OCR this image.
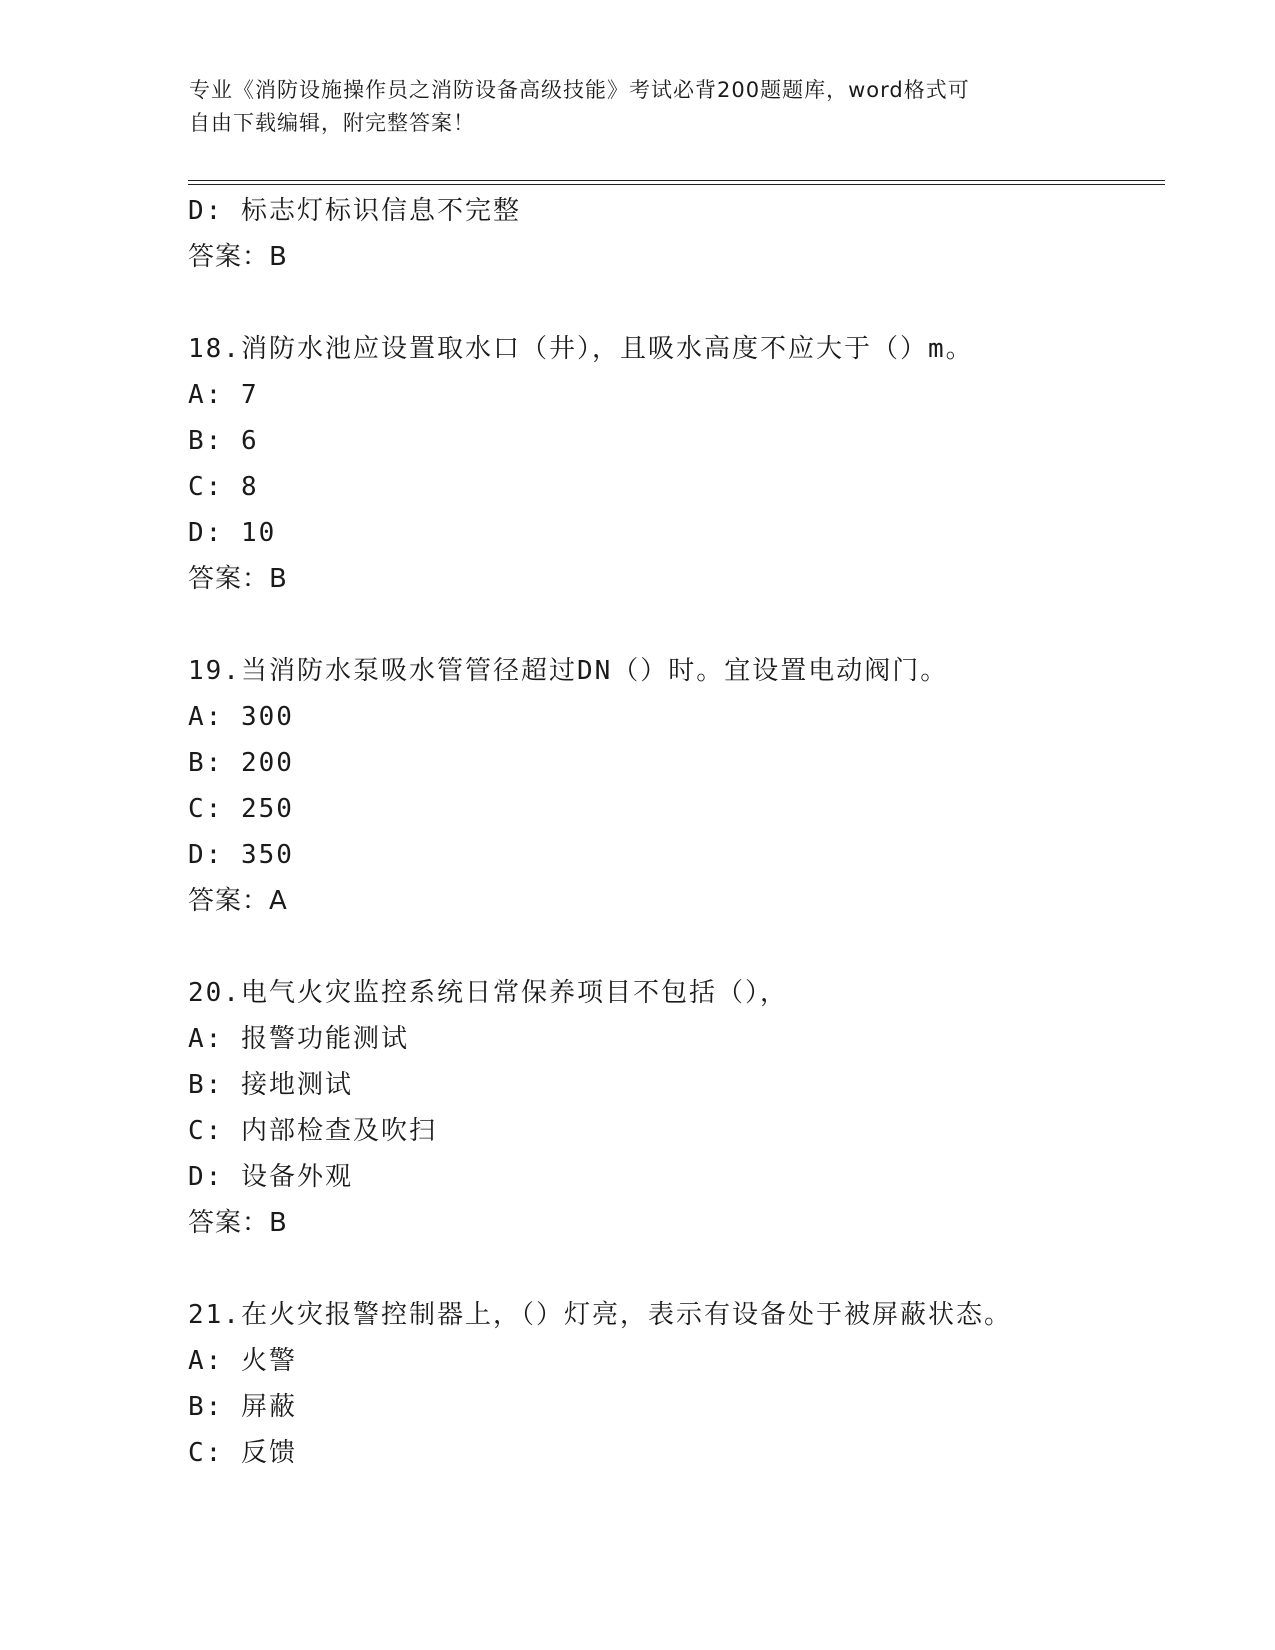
专业《消防设施操作员之消防设备高级技能》考试必背200题题库，word格式可
自由下载编辑，附完整答案！
D: 标志灯标识信息不完整
答案：B
18.消防水池应设置取水口（井），且吸水高度不应大于（）m。
A: 7
B: 6
C: 8
D: 10
答案：B
19.当消防水泵吸水管管径超过DN（）时。宜设置电动阀门。
A: 300
B: 200
C: 250
D: 350
答案：A
20.电气火灾监控系统日常保养项目不包括（），
A: 报警功能测试
B: 接地测试
C: 内部检查及吹扫
D: 设备外观
答案：B
21.在火灾报警控制器上，（）灯亮，表示有设备处于被屏蔽状态。
A: 火警
B: 屏蔽
C: 反馈
